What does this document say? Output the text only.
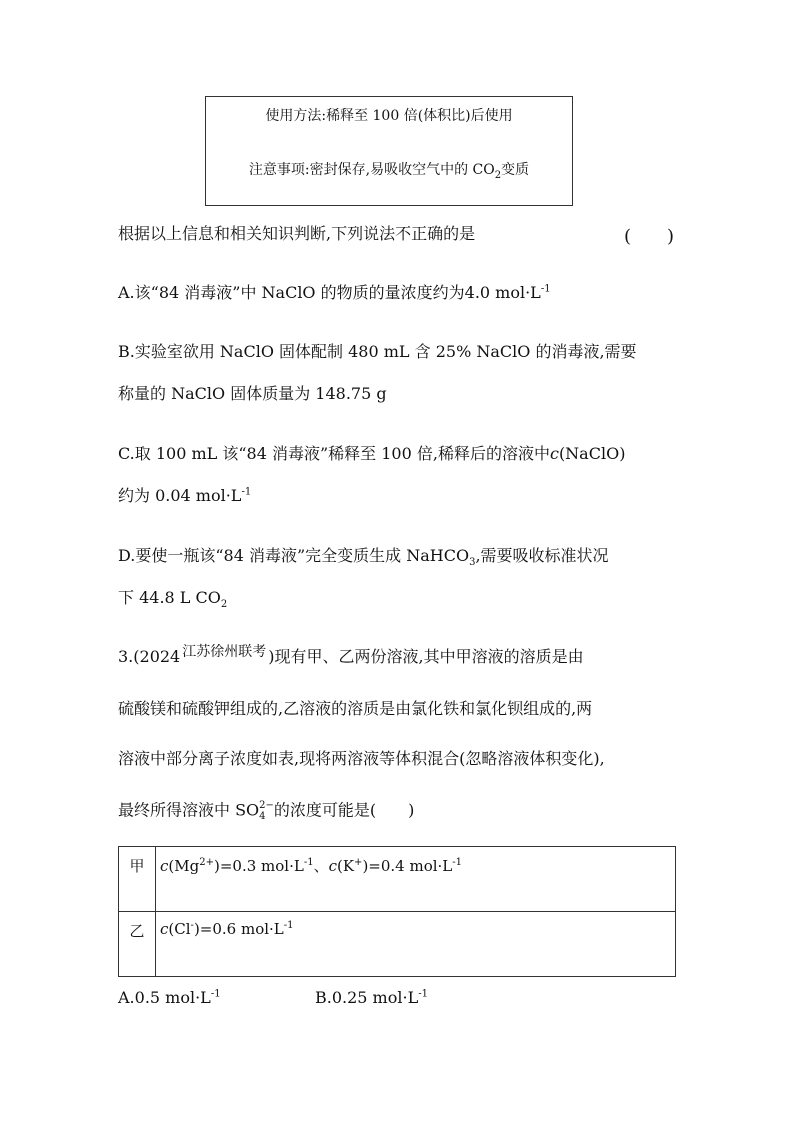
使用方法:稀释至 100 倍(体积比)后使用
注意事项:密封保存,易吸收空气中的 $CO_2$变质
根据以上信息和相关知识判断,下列说法不正确的是	(　　)
A.该“84 消毒液”中 NaClO 的物质的量浓度约为4.0 $mol\cdot L^{-1}$
B.实验室欲用 NaClO 固体配制 480 mL 含 25% NaClO 的消毒液,需要
称量的 NaClO 固体质量为 148.75 g
C.取 100 mL 该“84 消毒液”稀释至 100 倍,稀释后的溶液中c(NaClO)
约为 0.04 $mol\cdot L^{-1}$
D.要使一瓶该“84 消毒液”完全变质生成 NaHCO$_3$,需要吸收标准状况
下 44.8 L $CO_2$
3.(2024 江苏徐州联考 )现有甲、乙两份溶液,其中甲溶液的溶质是由
硫酸镁和硫酸钾组成的,乙溶液的溶质是由氯化铁和氯化钡组成的,两
溶液中部分离子浓度如表,现将两溶液等体积混合(忽略溶液体积变化),
最终所得溶液中 SO 2−
4 的浓度可能是(　　)
甲	$c(Mg^{2+})=0.3$ $mol\cdot L^{-1}$、c(K+)=0.4 $mol\cdot L^{-1}$
乙	c(Cl-)=0.6 $mol\cdot L^{-1}$
A.0.5 $mol\cdot L^{-1}$	B.0.25 $mol\cdot L^{-1}$
